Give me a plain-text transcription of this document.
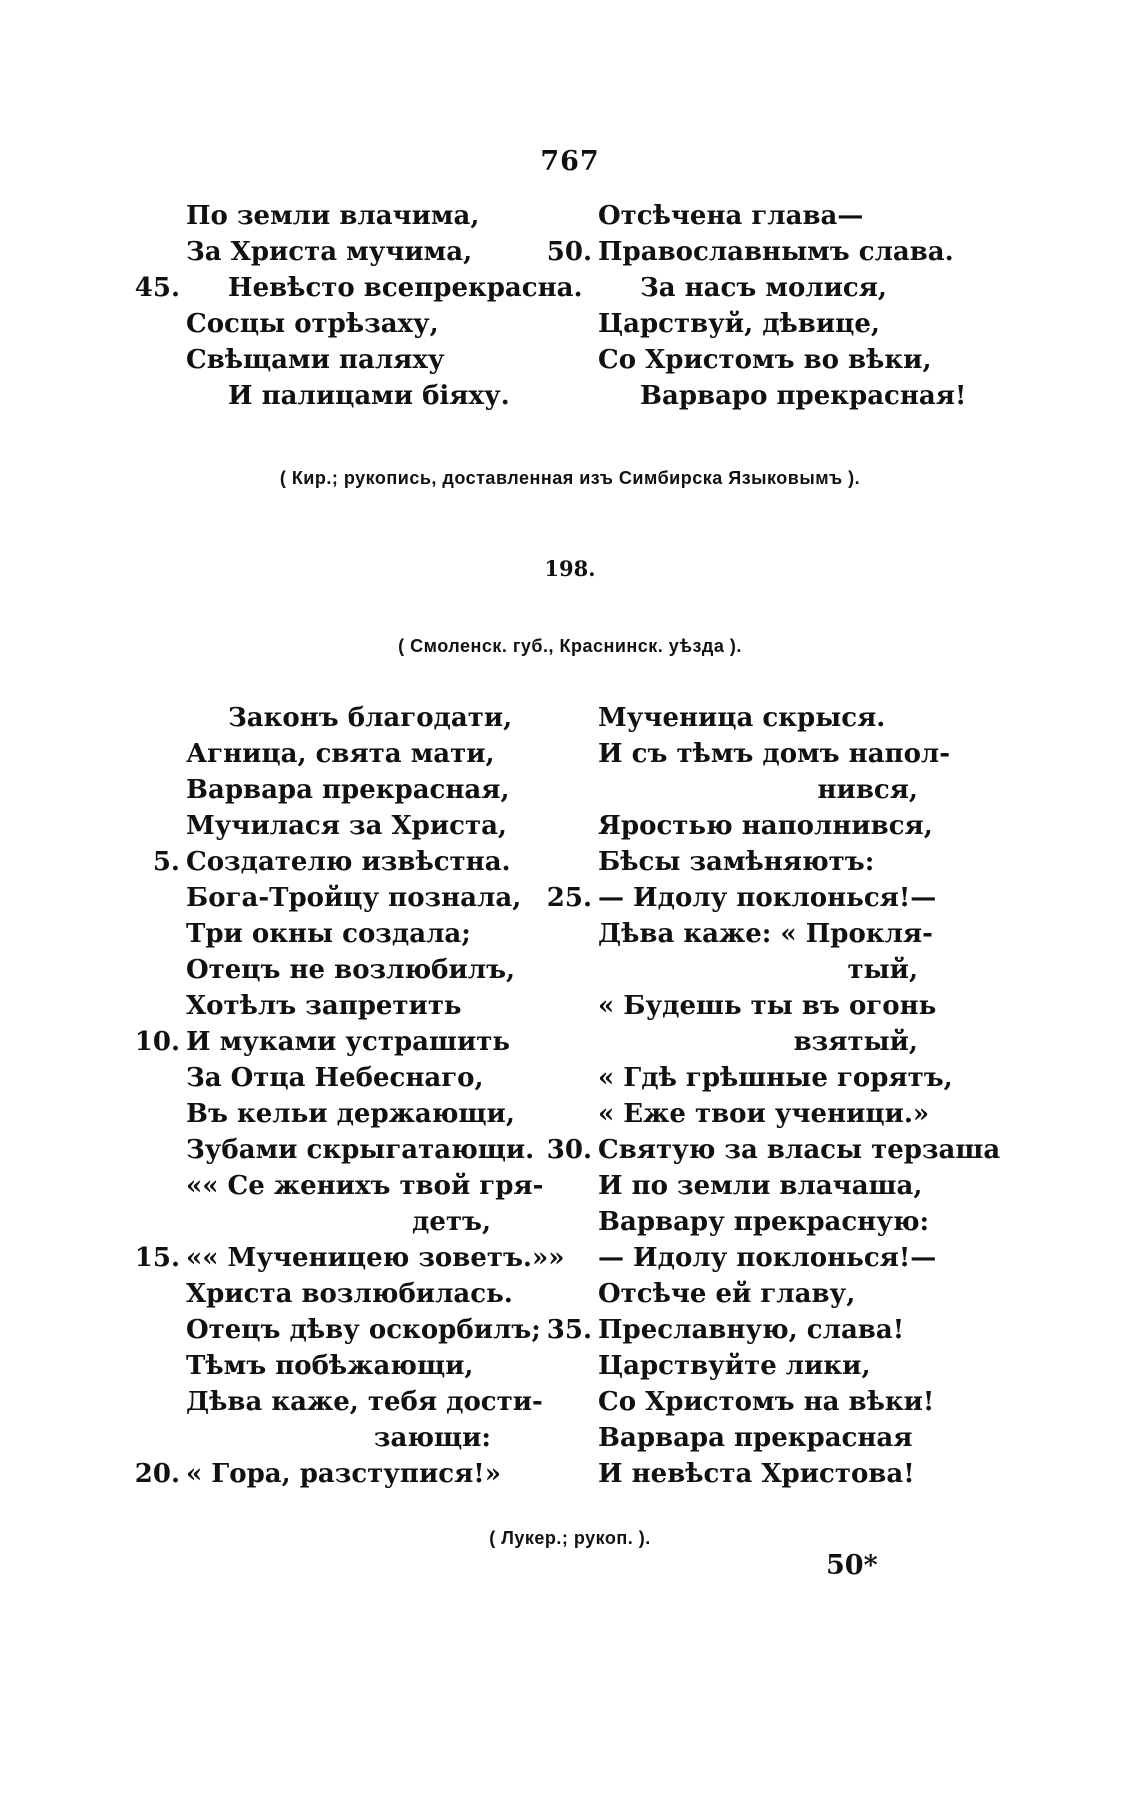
767
По земли влачима,
За Христа мучима,
45. Невѣсто всепрекрасна.
Сосцы отрѣзаху,
Свѣщами паляху
И палицами біяху.
Отсѣчена глава—
50. Православнымъ слава.
За насъ молися,
Царствуй, дѣвице,
Со Христомъ во вѣки,
Варваро прекрасная!
( Кир.; рукопись, доставленная изъ Симбирска Языковымъ ).
198.
( Смоленск. губ., Краснинск. уѣзда ).
Законъ благодати,
Агница, свята мати,
Варвара прекрасная,
Мучилася за Христа,
5. Создателю извѣстна.
Бога-Тройцу познала,
Три окны создала;
Отецъ не возлюбилъ,
Хотѣлъ запретить
10. И муками устрашить
За Отца Небеснаго,
Въ кельи держающи,
Зубами скрыгатающи.
«« Се женихъ твой гря-
детъ,
15. «« Мученицею зоветъ.»»
Христа возлюбилась.
Отецъ дѣву оскорбилъ;
Тѣмъ побѣжающи,
Дѣва каже, тебя дости-
зающи:
20. « Гора, разступися!»
Мученица скрыся.
И съ тѣмъ домъ напол-
нився,
Яростью наполнився,
Бѣсы замѣняютъ:
25. — Идолу поклонься!—
Дѣва каже: « Прокля-
тый,
« Будешь ты въ огонь
взятый,
« Гдѣ грѣшные горятъ,
« Еже твои ученици.»
30. Святую за власы терзаша
И по земли влачаша,
Варвару прекрасную:
— Идолу поклонься!—
Отсѣче ей главу,
35. Преславную, слава!
Царствуйте лики,
Со Христомъ на вѣки!
Варвара прекрасная
И невѣста Христова!
( Лукер.; рукоп. ).
50*
